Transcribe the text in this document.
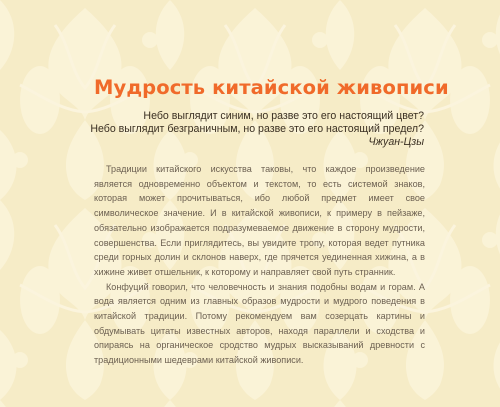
Мудрость китайской живописи
Небо выглядит синим, но разве это его настоящий цвет?
Небо выглядит безграничным, но разве это его настоящий предел?
Чжуан-Цзы

Традиции китайского искусства таковы, что каждое произведение является одновременно объектом и текстом, то есть системой знаков, которая может прочитываться, ибо любой предмет имеет свое символическое значение. И в китайской живописи, к примеру в пейзаже, обязательно изображается подразумеваемое движение в сторону мудрости, совершенства. Если приглядитесь, вы увидите тропу, которая ведет путника среди горных долин и склонов наверх, где прячется уединенная хижина, а в хижине живет отшельник, к которому и направляет свой путь странник.

Конфуций говорил, что человечность и знания подобны водам и горам. А вода является одним из главных образов мудрости и мудрого поведения в китайской традиции. Потому рекомендуем вам созерцать картины и обдумывать цитаты известных авторов, находя параллели и сходства и опираясь на органическое сродство мудрых высказываний древности с традиционными шедеврами китайской живописи.
